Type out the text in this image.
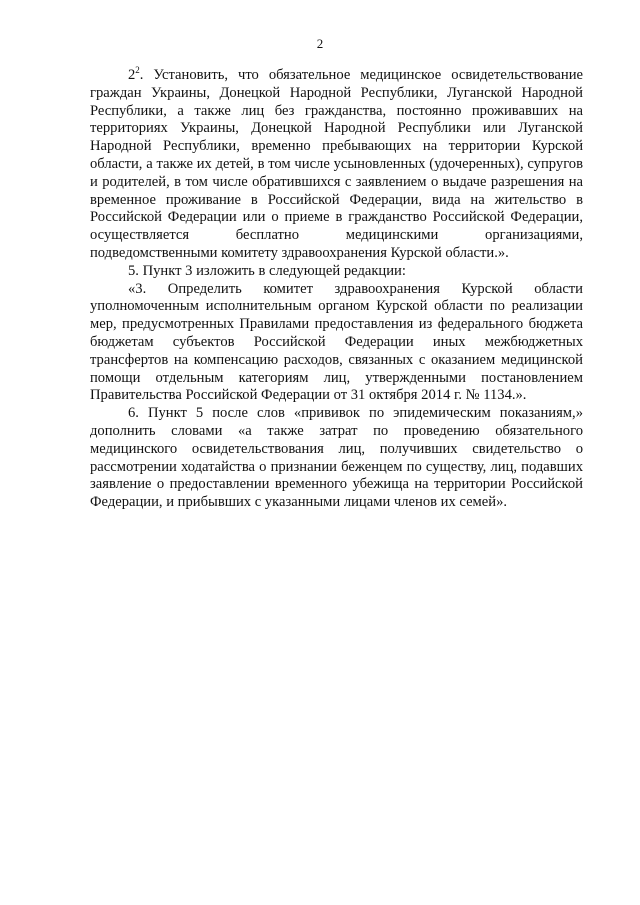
2

$2^2$. Установить, что обязательное медицинское освидетельствование граждан Украины, Донецкой Народной Республики, Луганской Народной Республики, а также лиц без гражданства, постоянно проживавших на территориях Украины, Донецкой Народной Республики или Луганской Народной Республики, временно пребывающих на территории Курской области, а также их детей, в том числе усыновленных (удочеренных), супругов и родителей, в том числе обратившихся с заявлением о выдаче разрешения на временное проживание в Российской Федерации, вида на жительство в Российской Федерации или о приеме в гражданство Российской Федерации, осуществляется бесплатно медицинскими организациями, подведомственными комитету здравоохранения Курской области.».

5. Пункт 3 изложить в следующей редакции:

«3. Определить комитет здравоохранения Курской области уполномоченным исполнительным органом Курской области по реализации мер, предусмотренных Правилами предоставления из федерального бюджета бюджетам субъектов Российской Федерации иных межбюджетных трансфертов на компенсацию расходов, связанных с оказанием медицинской помощи отдельным категориям лиц, утвержденными постановлением Правительства Российской Федерации от 31 октября 2014 г. № 1134.».

6. Пункт 5 после слов «прививок по эпидемическим показаниям,» дополнить словами «а также затрат по проведению обязательного медицинского освидетельствования лиц, получивших свидетельство о рассмотрении ходатайства о признании беженцем по существу, лиц, подавших заявление о предоставлении временного убежища на территории Российской Федерации, и прибывших с указанными лицами членов их семей».
